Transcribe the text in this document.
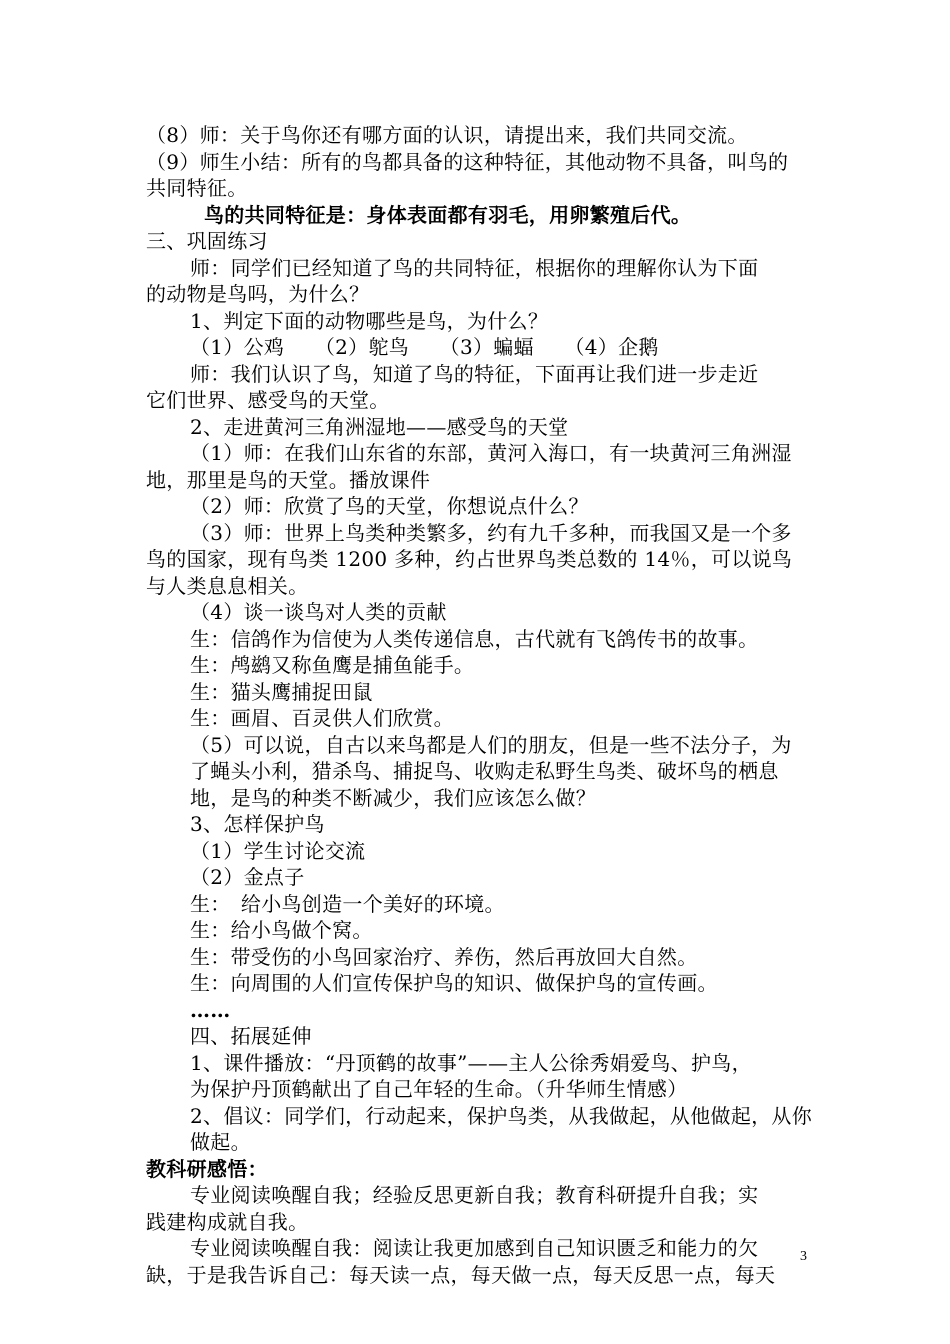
（8）师：关于鸟你还有哪方面的认识，请提出来，我们共同交流。
（9）师生小结：所有的鸟都具备的这种特征，其他动物不具备，叫鸟的
共同特征。
鸟的共同特征是：身体表面都有羽毛，用卵繁殖后代。
三、巩固练习
师：同学们已经知道了鸟的共同特征，根据你的理解你认为下面
的动物是鸟吗，为什么？
1、判定下面的动物哪些是鸟，为什么？
（1）公鸡　　（2）鸵鸟　　（3）蝙蝠　　（4）企鹅
师：我们认识了鸟，知道了鸟的特征，下面再让我们进一步走近
它们世界、感受鸟的天堂。
2、走进黄河三角洲湿地——感受鸟的天堂
（1）师：在我们山东省的东部，黄河入海口，有一块黄河三角洲湿
地，那里是鸟的天堂。播放课件
（2）师：欣赏了鸟的天堂，你想说点什么？
（3）师：世界上鸟类种类繁多，约有九千多种，而我国又是一个多
鸟的国家，现有鸟类 1200 多种，约占世界鸟类总数的 14％，可以说鸟
与人类息息相关。
（4）谈一谈鸟对人类的贡献
生：信鸽作为信使为人类传递信息，古代就有飞鸽传书的故事。
生：鸬鹚又称鱼鹰是捕鱼能手。
生：猫头鹰捕捉田鼠
生：画眉、百灵供人们欣赏。
（5）可以说，自古以来鸟都是人们的朋友，但是一些不法分子，为
了蝇头小利，猎杀鸟、捕捉鸟、收购走私野生鸟类、破坏鸟的栖息
地，是鸟的种类不断减少，我们应该怎么做？
3、怎样保护鸟
（1）学生讨论交流
（2）金点子
生：　给小鸟创造一个美好的环境。
生：给小鸟做个窝。
生：带受伤的小鸟回家治疗、养伤，然后再放回大自然。
生：向周围的人们宣传保护鸟的知识、做保护鸟的宣传画。
……
四、拓展延伸
1、课件播放：“丹顶鹤的故事”——主人公徐秀娟爱鸟、护鸟，
为保护丹顶鹤献出了自己年轻的生命。（升华师生情感）
2、倡议：同学们，行动起来，保护鸟类，从我做起，从他做起，从你
做起。
教科研感悟：
专业阅读唤醒自我；经验反思更新自我；教育科研提升自我；实
践建构成就自我。
专业阅读唤醒自我：阅读让我更加感到自己知识匮乏和能力的欠
缺，于是我告诉自己：每天读一点，每天做一点，每天反思一点，每天
3
